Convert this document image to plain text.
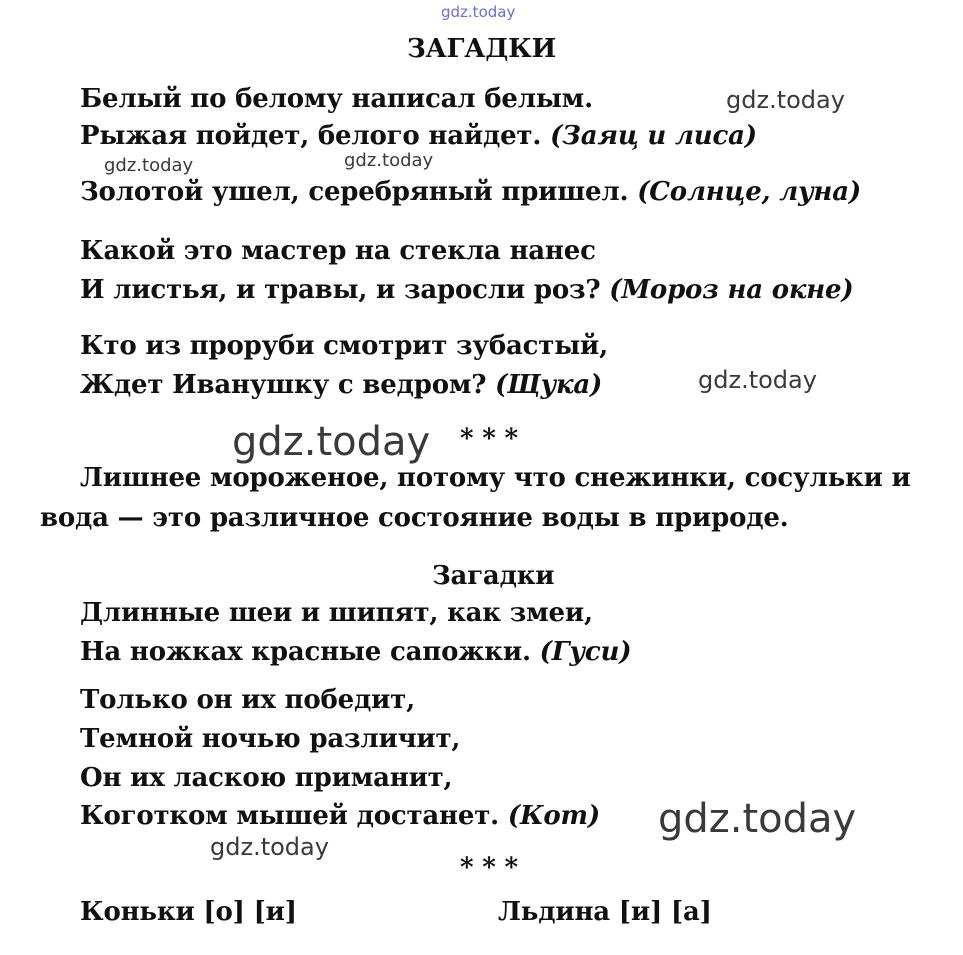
gdz.today
gdz.today
gdz.today	gdz.today
gdz.today
gdz.today
gdz.today
gdz.today
ЗАГАДКИ
Белый по белому написал белым.
Рыжая пойдет, белого найдет. (Заяц и лиса)
Золотой ушел, серебряный пришел. (Солнце, луна)
Какой это мастер на стекла нанес
И листья, и травы, и заросли роз? (Мороз на окне)
Кто из проруби смотрит зубастый,
Ждет Иванушку с ведром? (Щука)
* * *
Лишнее мороженое, потому что снежинки, сосульки и
вода — это различное состояние воды в природе.
Загадки
Длинные шеи и шипят, как змеи,
На ножках красные сапожки. (Гуси)
Только он их победит,
Темной ночью различит,
Он их ласкою приманит,
Коготком мышей достанет. (Кот)
* * *
Коньки [о] [и]	Льдина [и] [а]
